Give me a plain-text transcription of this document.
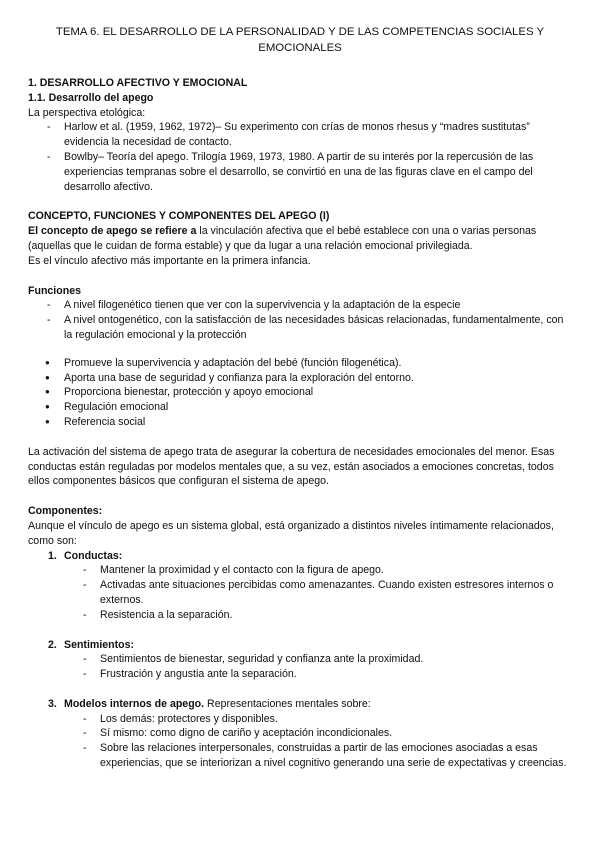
TEMA 6. EL DESARROLLO DE LA PERSONALIDAD Y DE LAS COMPETENCIAS SOCIALES Y EMOCIONALES
1. DESARROLLO AFECTIVO Y EMOCIONAL
1.1. Desarrollo del apego

La perspectiva etológica:

- Harlow et al. (1959, 1962, 1972)– Su experimento con crías de monos rhesus y “madres sustitutas” evidencia la necesidad de contacto.
- Bowlby– Teoría del apego. Trilogía 1969, 1973, 1980. A partir de su interés por la repercusión de las experiencias tempranas sobre el desarrollo, se convirtió en una de las figuras clave en el campo del desarrollo afectivo.
CONCEPTO, FUNCIONES Y COMPONENTES DEL APEGO (I)

El concepto de apego se refiere a la vinculación afectiva que el bebé establece con una o varias personas (aquellas que le cuidan de forma estable) y que da lugar a una relación emocional privilegiada.

Es el vínculo afectivo más importante en la primera infancia.

Funciones
- A nivel filogenético tienen que ver con la supervivencia y la adaptación de la especie
- A nivel ontogenético, con la satisfacción de las necesidades básicas relacionadas, fundamentalmente, con la regulación emocional y la protección
● Promueve la supervivencia y adaptación del bebé (función filogenética).
● Aporta una base de seguridad y confianza para la exploración del entorno.
● Proporciona bienestar, protección y apoyo emocional
● Regulación emocional
● Referencia social

La activación del sistema de apego trata de asegurar la cobertura de necesidades emocionales del menor. Esas conductas están reguladas por modelos mentales que, a su vez, están asociados a emociones concretas, todos ellos componentes básicos que configuran el sistema de apego.

Componentes:

Aunque el vínculo de apego es un sistema global, está organizado a distintos niveles íntimamente relacionados, como son:

1. Conductas:
- Mantener la proximidad y el contacto con la figura de apego.
- Activadas ante situaciones percibidas como amenazantes. Cuando existen estresores internos o externos.
- Resistencia a la separación.
2. Sentimientos:
- Sentimientos de bienestar, seguridad y confianza ante la proximidad.
- Frustración y angustia ante la separación.
3. Modelos internos de apego. Representaciones mentales sobre:
- Los demás: protectores y disponibles.
- Sí mismo: como digno de cariño y aceptación incondicionales.
- Sobre las relaciones interpersonales, construidas a partir de las emociones asociadas a esas experiencias, que se interiorizan a nivel cognitivo generando una serie de expectativas y creencias.
